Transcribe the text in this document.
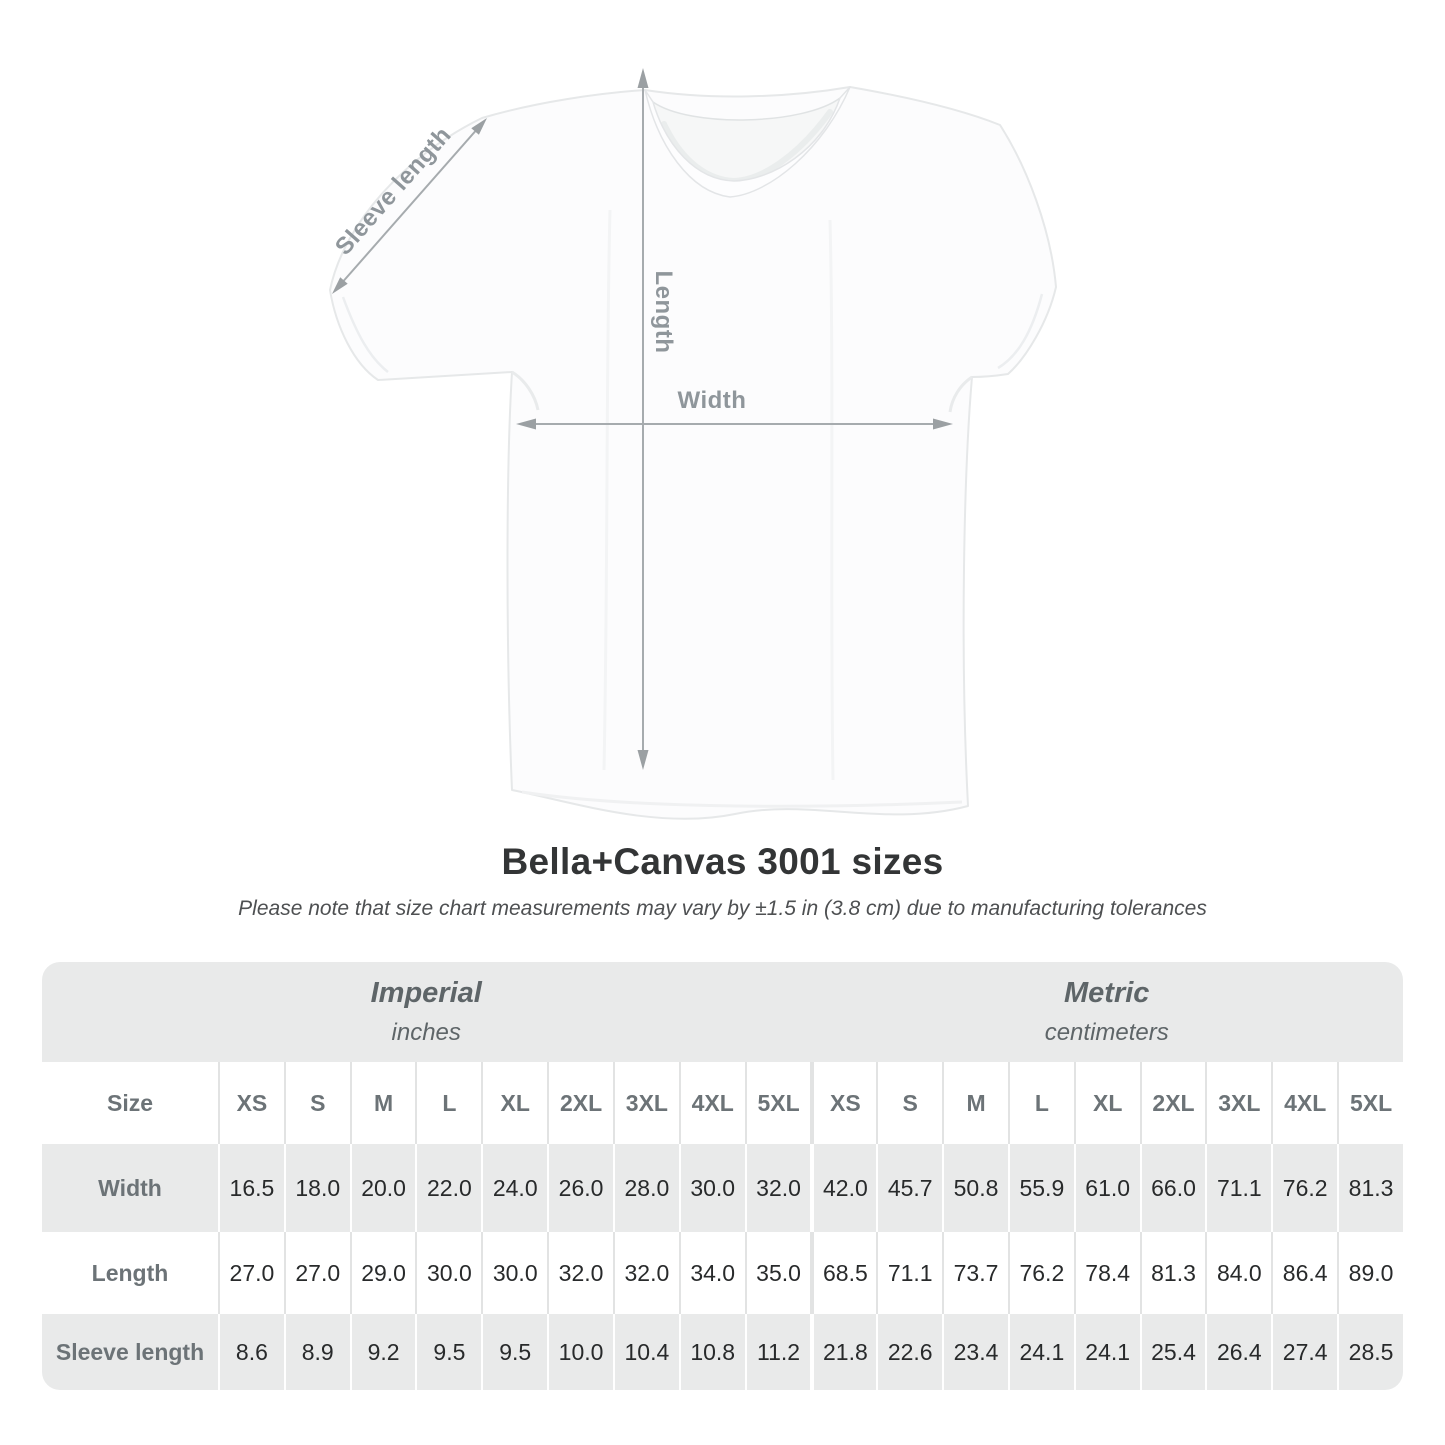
Length
Width
Sleeve length
Bella+Canvas 3001 sizes
Please note that size chart measurements may vary by ±1.5 in (3.8 cm) due to manufacturing tolerances
Imperial
inches

Metric
centimeters

Size	XS	S	M	L	XL	2XL	3XL	4XL	5XL	XS	S	M	L	XL	2XL	3XL	4XL	5XL
Width	16.5	18.0	20.0	22.0	24.0	26.0	28.0	30.0	32.0	42.0	45.7	50.8	55.9	61.0	66.0	71.1	76.2	81.3
Length	27.0	27.0	29.0	30.0	30.0	32.0	32.0	34.0	35.0	68.5	71.1	73.7	76.2	78.4	81.3	84.0	86.4	89.0
Sleeve length	8.6	8.9	9.2	9.5	9.5	10.0	10.4	10.8	11.2	21.8	22.6	23.4	24.1	24.1	25.4	26.4	27.4	28.5
